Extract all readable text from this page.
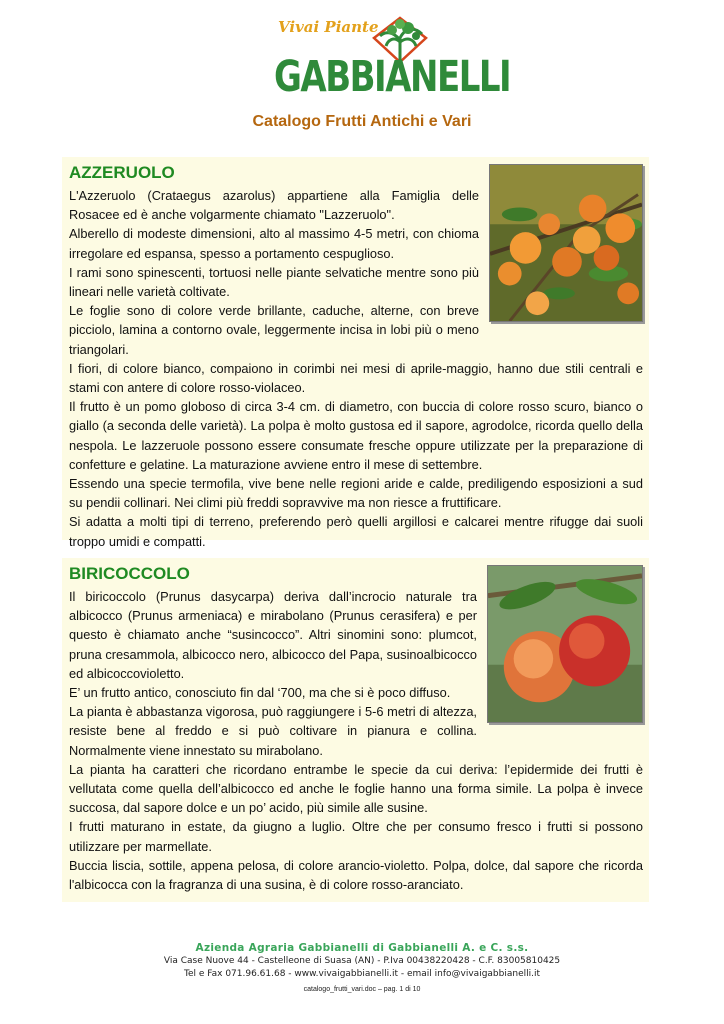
Vivai Piante
GABBIANELLI
Catalogo Frutti Antichi e Vari
AZZERUOLO

L'Azzeruolo (Crataegus azarolus) appartiene alla Famiglia delle Rosacee ed è anche volgarmente chiamato "Lazzeruolo".

Alberello di modeste dimensioni, alto al massimo 4-5 metri, con chioma irregolare ed espansa, spesso a portamento cespuglioso.

I rami sono spinescenti, tortuosi nelle piante selvatiche mentre sono più lineari nelle varietà coltivate.

Le foglie sono di colore verde brillante, caduche, alterne, con breve picciolo, lamina a contorno ovale, leggermente incisa in lobi più o meno triangolari.

I fiori, di colore bianco, compaiono in corimbi nei mesi di aprile-maggio, hanno due stili centrali e stami con antere di colore rosso-violaceo.

Il frutto è un pomo globoso di circa 3-4 cm. di diametro, con buccia di colore rosso scuro, bianco o giallo (a seconda delle varietà). La polpa è molto gustosa ed il sapore, agrodolce, ricorda quello della nespola. Le lazzeruole possono essere consumate fresche oppure utilizzate per la preparazione di confetture e gelatine. La maturazione avviene entro il mese di settembre.

Essendo una specie termofila, vive bene nelle regioni aride e calde, prediligendo esposizioni a sud su pendii collinari. Nei climi più freddi sopravvive ma non riesce a fruttificare.

Si adatta a molti tipi di terreno, preferendo però quelli argillosi e calcarei mentre rifugge dai suoli troppo umidi e compatti.

BIRICOCCOLO

Il biricoccolo (Prunus dasycarpa) deriva dall’incrocio naturale tra albicocco (Prunus armeniaca) e mirabolano (Prunus cerasifera) e per questo è chiamato anche “susincocco”. Altri sinomini sono: plumcot, pruna cresammola, albicocco nero, albicocco del Papa, susinoalbicocco ed albicoccovioletto.

E’ un frutto antico, conosciuto fin dal ‘700, ma che si è poco diffuso.

La pianta è abbastanza vigorosa, può raggiungere i 5-6 metri di altezza, resiste bene al freddo e si può coltivare in pianura e collina. Normalmente viene innestato su mirabolano.

La pianta ha caratteri che ricordano entrambe le specie da cui deriva: l’epidermide dei frutti è vellutata come quella dell’albicocco ed anche le foglie hanno una forma simile. La polpa è invece succosa, dal sapore dolce e un po’ acido, più simile alle susine.

I frutti maturano in estate, da giugno a luglio. Oltre che per consumo fresco i frutti si possono utilizzare per marmellate.

Buccia liscia, sottile, appena pelosa, di colore arancio-violetto. Polpa, dolce, dal sapore che ricorda l'albicocca con la fragranza di una susina, è di colore rosso-aranciato.

Azienda Agraria Gabbianelli di Gabbianelli A. e C. s.s.
Via Case Nuove 44 - Castelleone di Suasa (AN) - P.Iva 00438220428 - C.F. 83005810425
Tel e Fax 071.96.61.68 - www.vivaigabbianelli.it - email info@vivaigabbianelli.it
catalogo_frutti_vari.doc – pag. 1 di 10
